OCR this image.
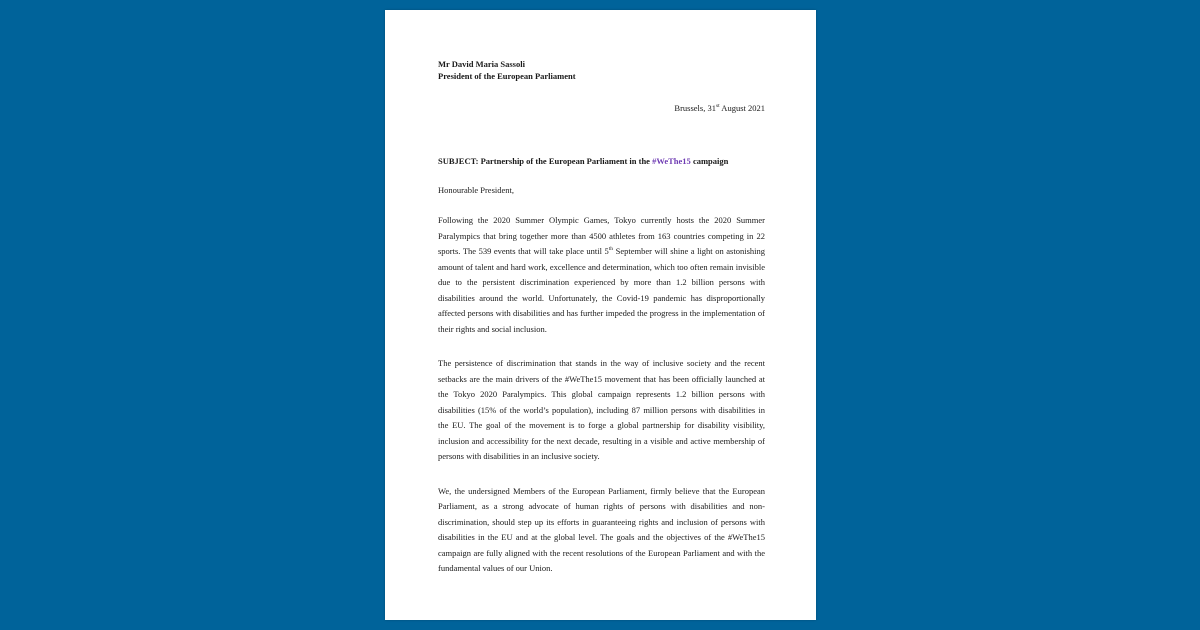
Mr David Maria Sassoli
President of the European Parliament

Brussels, 31st August 2021

SUBJECT: Partnership of the European Parliament in the #WeThe15 campaign

Honourable President,

Following the 2020 Summer Olympic Games, Tokyo currently hosts the 2020 Summer Paralympics that bring together more than 4500 athletes from 163 countries competing in 22 sports. The 539 events that will take place until 5th September will shine a light on astonishing amount of talent and hard work, excellence and determination, which too often remain invisible due to the persistent discrimination experienced by more than 1.2 billion persons with disabilities around the world. Unfortunately, the Covid-19 pandemic has disproportionally affected persons with disabilities and has further impeded the progress in the implementation of their rights and social inclusion.

The persistence of discrimination that stands in the way of inclusive society and the recent setbacks are the main drivers of the #WeThe15 movement that has been officially launched at the Tokyo 2020 Paralympics. This global campaign represents 1.2 billion persons with disabilities (15% of the world’s population), including 87 million persons with disabilities in the EU. The goal of the movement is to forge a global partnership for disability visibility, inclusion and accessibility for the next decade, resulting in a visible and active membership of persons with disabilities in an inclusive society.

We, the undersigned Members of the European Parliament, firmly believe that the European Parliament, as a strong advocate of human rights of persons with disabilities and non-discrimination, should step up its efforts in guaranteeing rights and inclusion of persons with disabilities in the EU and at the global level. The goals and the objectives of the #WeThe15 campaign are fully aligned with the recent resolutions of the European Parliament and with the fundamental values of our Union.
